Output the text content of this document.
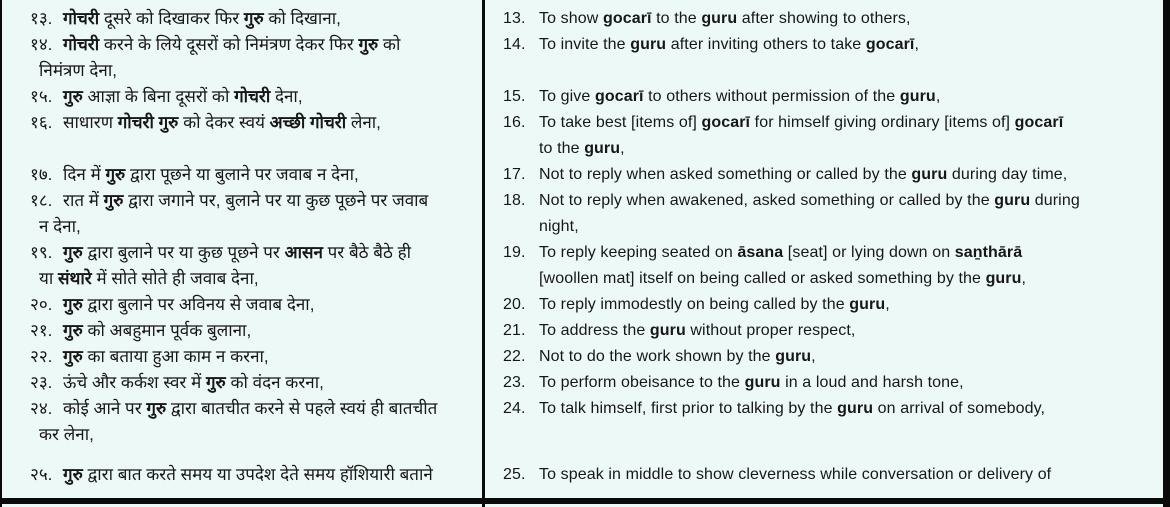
१३. गोचरी दूसरे को दिखाकर फिर गुरु को दिखाना,
१४. गोचरी करने के लिये दूसरों को निमंत्रण देकर फिर गुरु को
निमंत्रण देना,
१५. गुरु आज्ञा के बिना दूसरों को गोचरी देना,
१६. साधारण गोचरी गुरु को देकर स्वयं अच्छी गोचरी लेना,
१७. दिन में गुरु द्वारा पूछने या बुलाने पर जवाब न देना,
१८. रात में गुरु द्वारा जगाने पर, बुलाने पर या कुछ पूछने पर जवाब
न देना,
१९. गुरु द्वारा बुलाने पर या कुछ पूछने पर आसन पर बैठे बैठे ही
या संथारे में सोते सोते ही जवाब देना,
२०. गुरु द्वारा बुलाने पर अविनय से जवाब देना,
२१. गुरु को अबहुमान पूर्वक बुलाना,
२२. गुरु का बताया हुआ काम न करना,
२३. ऊंचे और कर्कश स्वर में गुरु को वंदन करना,
२४. कोई आने पर गुरु द्वारा बातचीत करने से पहले स्वयं ही बातचीत
कर लेना,
२५. गुरु द्वारा बात करते समय या उपदेश देते समय हॉशियारी बताने
13. To show gocarī to the guru after showing to others,
14. To invite the guru after inviting others to take gocarī,
15. To give gocarī to others without permission of the guru,
16. To take best [items of] gocarī for himself giving ordinary [items of] gocarī
to the guru,
17. Not to reply when asked something or called by the guru during day time,
18. Not to reply when awakened, asked something or called by the guru during
night,
19. To reply keeping seated on āsana [seat] or lying down on saṉthārā
[woollen mat] itself on being called or asked something by the guru,
20. To reply immodestly on being called by the guru,
21. To address the guru without proper respect,
22. Not to do the work shown by the guru,
23. To perform obeisance to the guru in a loud and harsh tone,
24. To talk himself, first prior to talking by the guru on arrival of somebody,
25. To speak in middle to show cleverness while conversation or delivery of
